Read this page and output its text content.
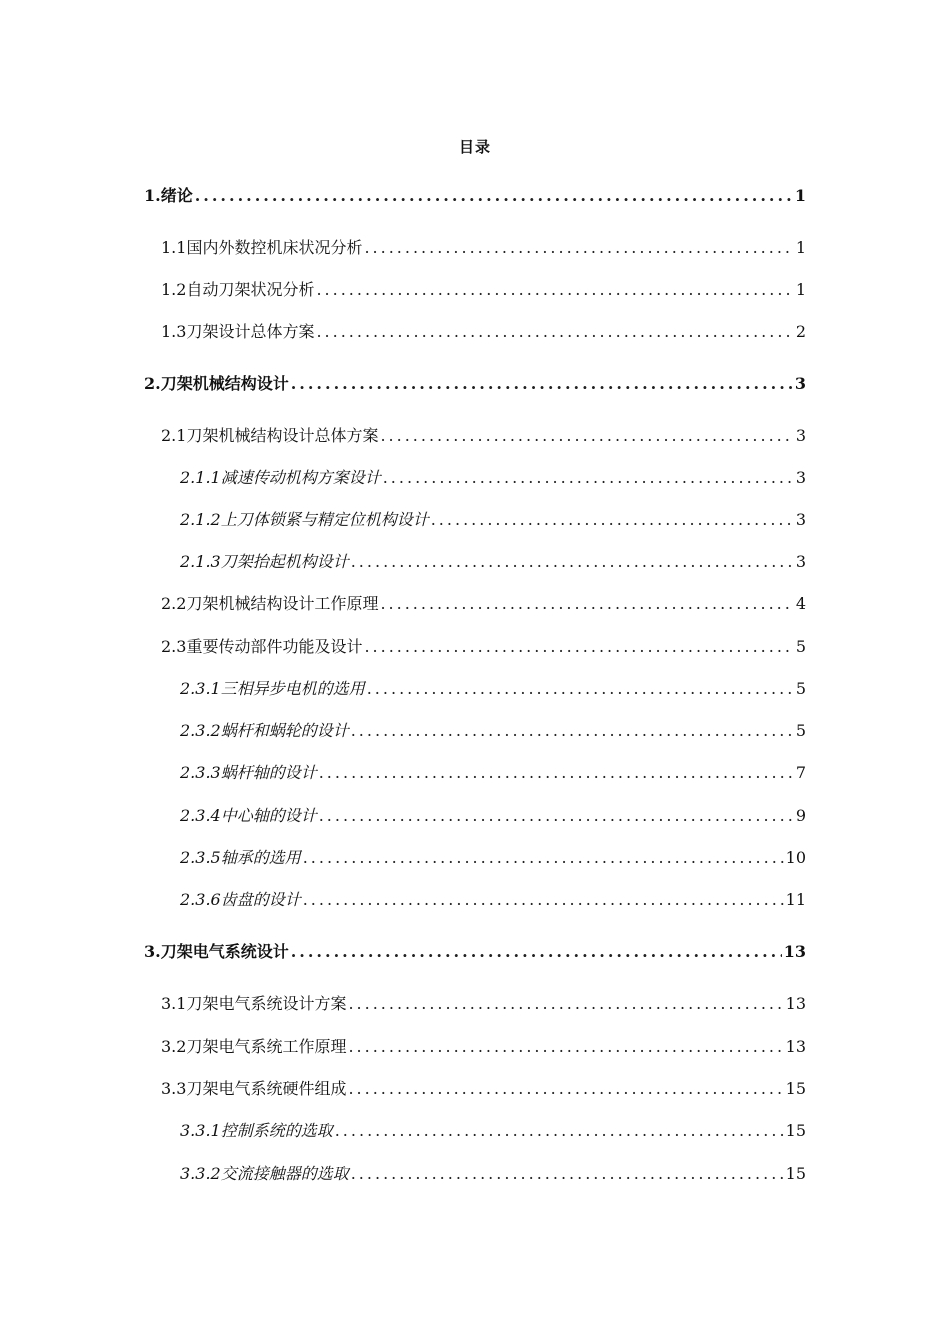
目录
1.绪论 .....	1
1.1国内外数控机床状况分析 .....	1
1.2自动刀架状况分析 .....	1
1.3刀架设计总体方案 .....	2
2.刀架机械结构设计 .....	3
2.1刀架机械结构设计总体方案 .....	3
2.1.1减速传动机构方案设计 .....	3
2.1.2上刀体锁紧与精定位机构设计 .....	3
2.1.3刀架抬起机构设计 .....	3
2.2刀架机械结构设计工作原理 .....	4
2.3重要传动部件功能及设计 .....	5
2.3.1三相异步电机的选用 .....	5
2.3.2蜗杆和蜗轮的设计 .....	5
2.3.3蜗杆轴的设计 .....	7
2.3.4中心轴的设计 .....	9
2.3.5轴承的选用 .....	10
2.3.6齿盘的设计 .....	11
3.刀架电气系统设计 .....	13
3.1刀架电气系统设计方案 .....	13
3.2刀架电气系统工作原理 .....	13
3.3刀架电气系统硬件组成 .....	15
3.3.1控制系统的选取 .....	15
3.3.2交流接触器的选取 .....	15
